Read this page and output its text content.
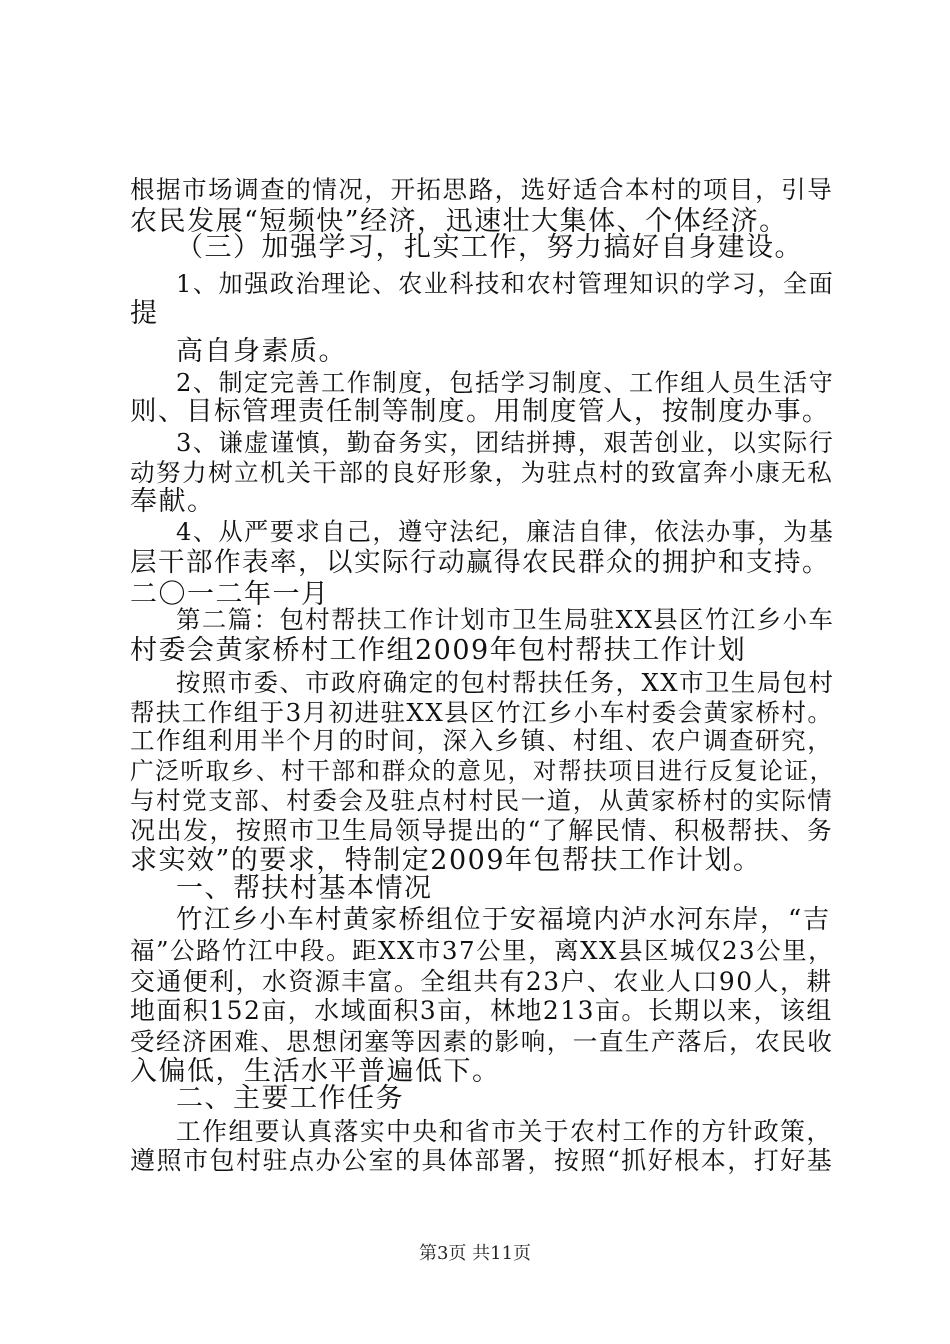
根据市场调查的情况，开拓思路，选好适合本村的项目，引导
农民发展“短频快”经济，迅速壮大集体、个体经济。
（三）加强学习，扎实工作，努力搞好自身建设。
1、加强政治理论、农业科技和农村管理知识的学习，全面
提
高自身素质。
2、制定完善工作制度，包括学习制度、工作组人员生活守
则、目标管理责任制等制度。用制度管人，按制度办事。
3、谦虚谨慎，勤奋务实，团结拼搏，艰苦创业，以实际行
动努力树立机关干部的良好形象，为驻点村的致富奔小康无私
奉献。
4、从严要求自己，遵守法纪，廉洁自律，依法办事，为基
层干部作表率，以实际行动赢得农民群众的拥护和支持。
二〇一二年一月
第二篇：包村帮扶工作计划市卫生局驻XX县区竹江乡小车
村委会黄家桥村工作组2009年包村帮扶工作计划
按照市委、市政府确定的包村帮扶任务，XX市卫生局包村
帮扶工作组于3月初进驻XX县区竹江乡小车村委会黄家桥村。
工作组利用半个月的时间，深入乡镇、村组、农户调查研究，
广泛听取乡、村干部和群众的意见，对帮扶项目进行反复论证，
与村党支部、村委会及驻点村村民一道，从黄家桥村的实际情
况出发，按照市卫生局领导提出的“了解民情、积极帮扶、务
求实效”的要求，特制定2009年包帮扶工作计划。
一、帮扶村基本情况
竹江乡小车村黄家桥组位于安福境内泸水河东岸，“吉
福”公路竹江中段。距XX市37公里，离XX县区城仅23公里，
交通便利，水资源丰富。全组共有23户、农业人口90人，耕
地面积152亩，水域面积3亩，林地213亩。长期以来，该组
受经济困难、思想闭塞等因素的影响，一直生产落后，农民收
入偏低，生活水平普遍低下。
二、主要工作任务
工作组要认真落实中央和省市关于农村工作的方针政策，
遵照市包村驻点办公室的具体部署，按照“抓好根本，打好基
第3页 共11页
